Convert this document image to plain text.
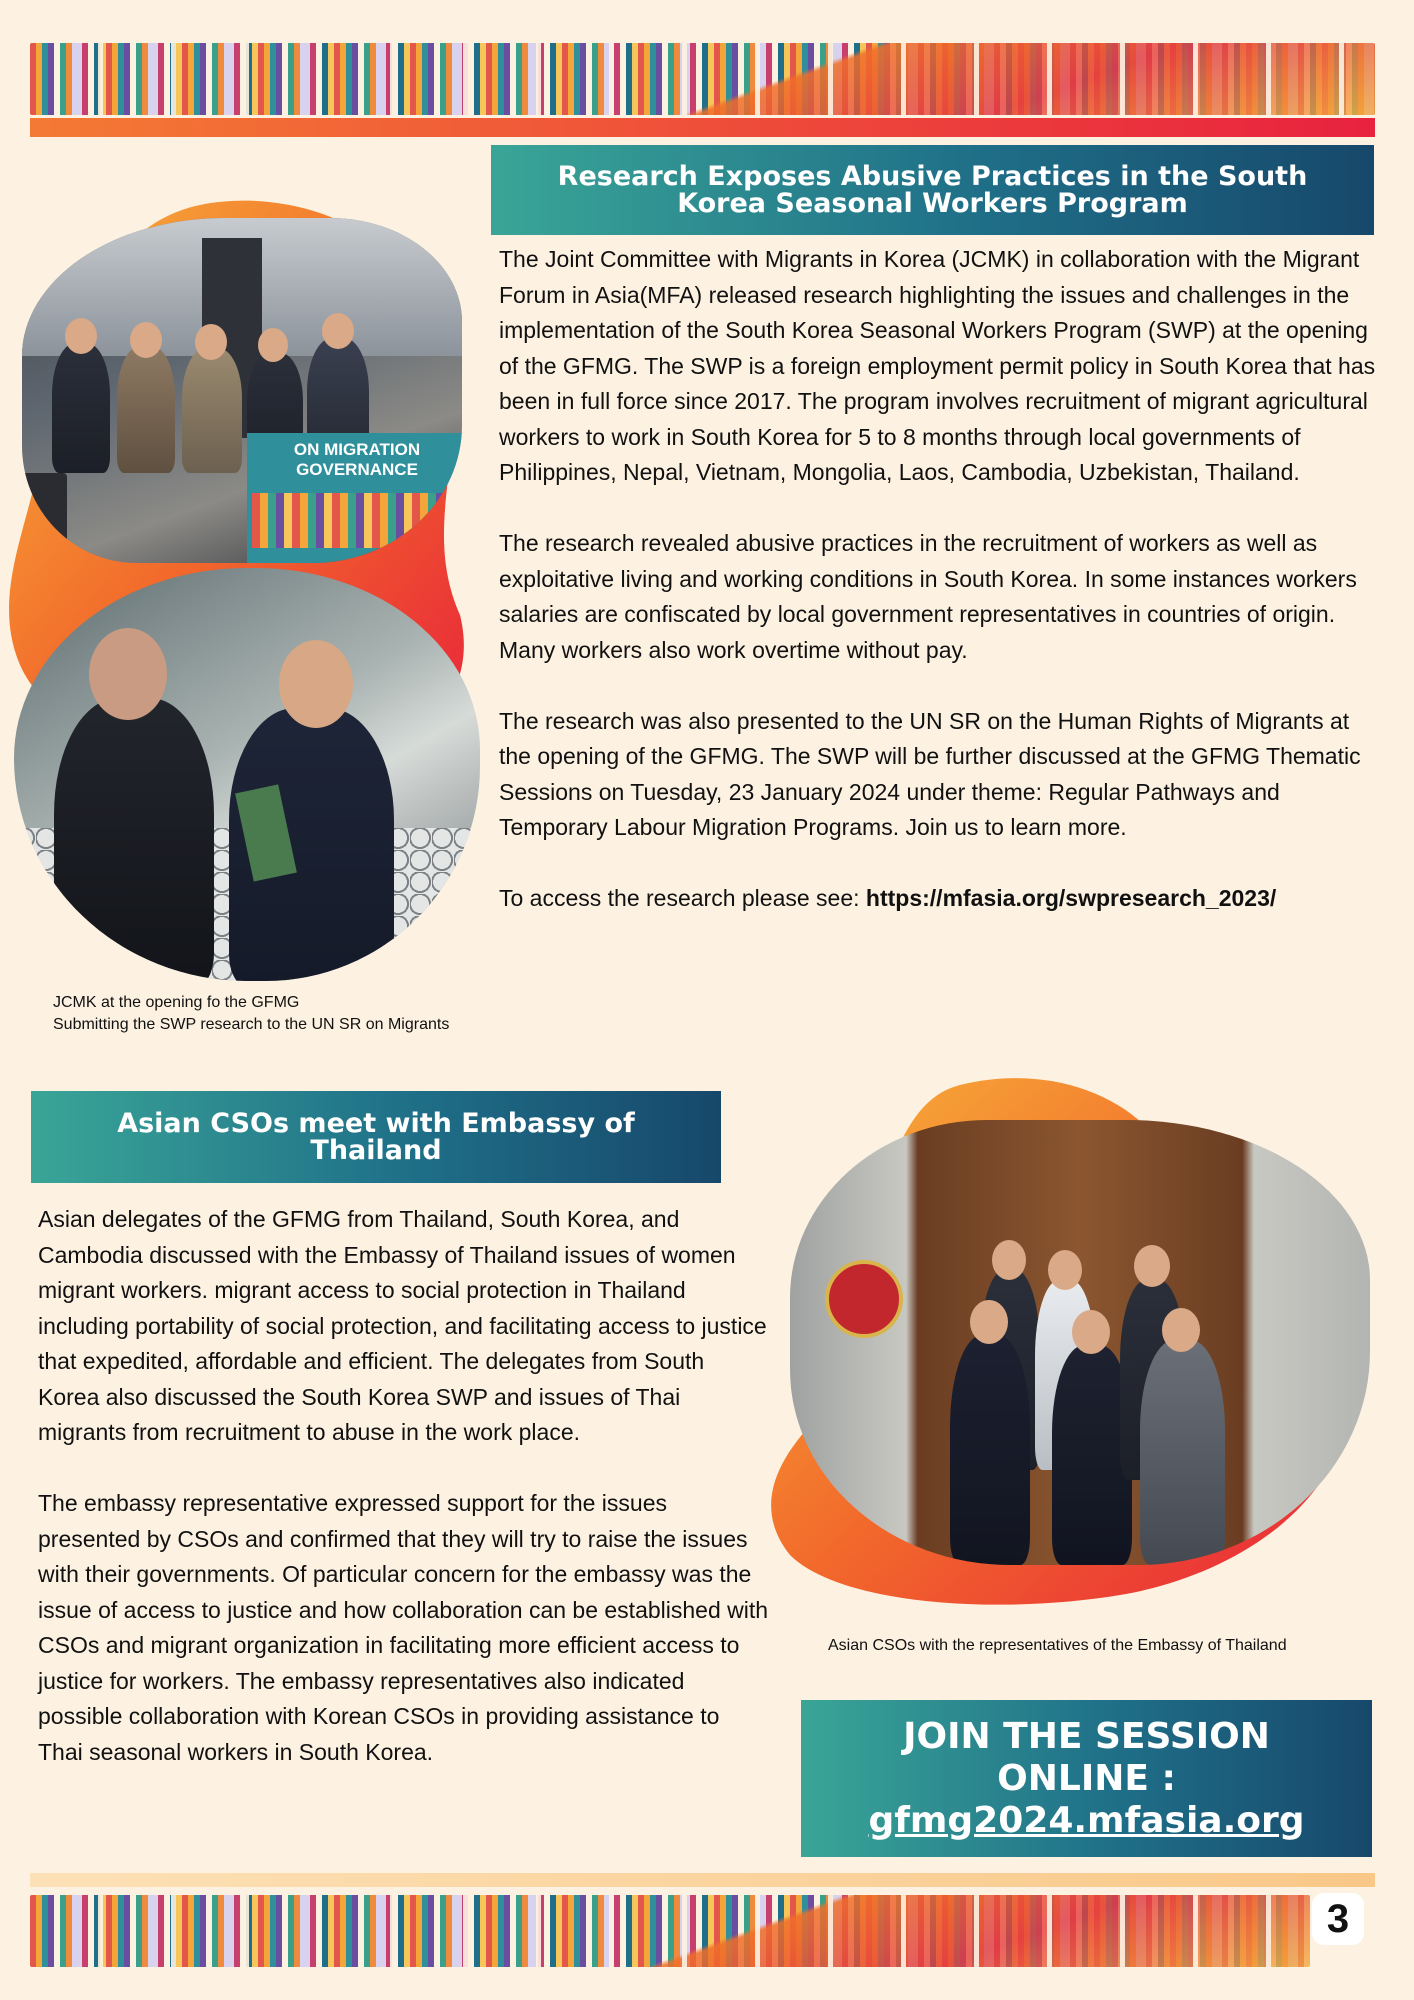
ON MIGRATION GOVERNANCE
JCMK at the opening fo the GFMG
Submitting the SWP research to the UN SR on Migrants
Research Exposes Abusive Practices in the South Korea Seasonal Workers Program

The Joint Committee with Migrants in Korea (JCMK) in collaboration with the Migrant Forum in Asia(MFA) released research highlighting the issues and challenges in the implementation of the South Korea Seasonal Workers Program (SWP) at the opening of the GFMG. The SWP is a foreign employment permit policy in South Korea that has been in full force since 2017. The program involves recruitment of migrant agricultural workers to work in South Korea for 5 to 8 months through local governments of Philippines, Nepal, Vietnam, Mongolia, Laos, Cambodia, Uzbekistan, Thailand.

The research revealed abusive practices in the recruitment of workers as well as exploitative living and working conditions in South Korea. In some instances workers salaries are confiscated by local government representatives in countries of origin. Many workers also work overtime without pay.

The research was also presented to the UN SR on the Human Rights of Migrants at the opening of the GFMG. The SWP will be further discussed at the GFMG Thematic Sessions on Tuesday, 23 January 2024 under theme: Regular Pathways and Temporary Labour Migration Programs. Join us to learn more.

To access the research please see: https://mfasia.org/swpresearch_2023/

Asian CSOs meet with Embassy of Thailand

Asian delegates of the GFMG from Thailand, South Korea, and Cambodia discussed with the Embassy of Thailand issues of women migrant workers. migrant access to social protection in Thailand including portability of social protection, and facilitating access to justice that expedited, affordable and efficient. The delegates from South Korea also discussed the South Korea SWP and issues of Thai migrants from recruitment to abuse in the work place.

The embassy representative expressed support for the issues presented by CSOs and confirmed that they will try to raise the issues with their governments. Of particular concern for the embassy was the issue of access to justice and how collaboration can be established with CSOs and migrant organization in facilitating more efficient access to justice for workers. The embassy representatives also indicated possible collaboration with Korean CSOs in providing assistance to Thai seasonal workers in South Korea.

Asian CSOs with the representatives of the Embassy of Thailand
JOIN THE SESSION
ONLINE :
gfmg2024.mfasia.org
3
